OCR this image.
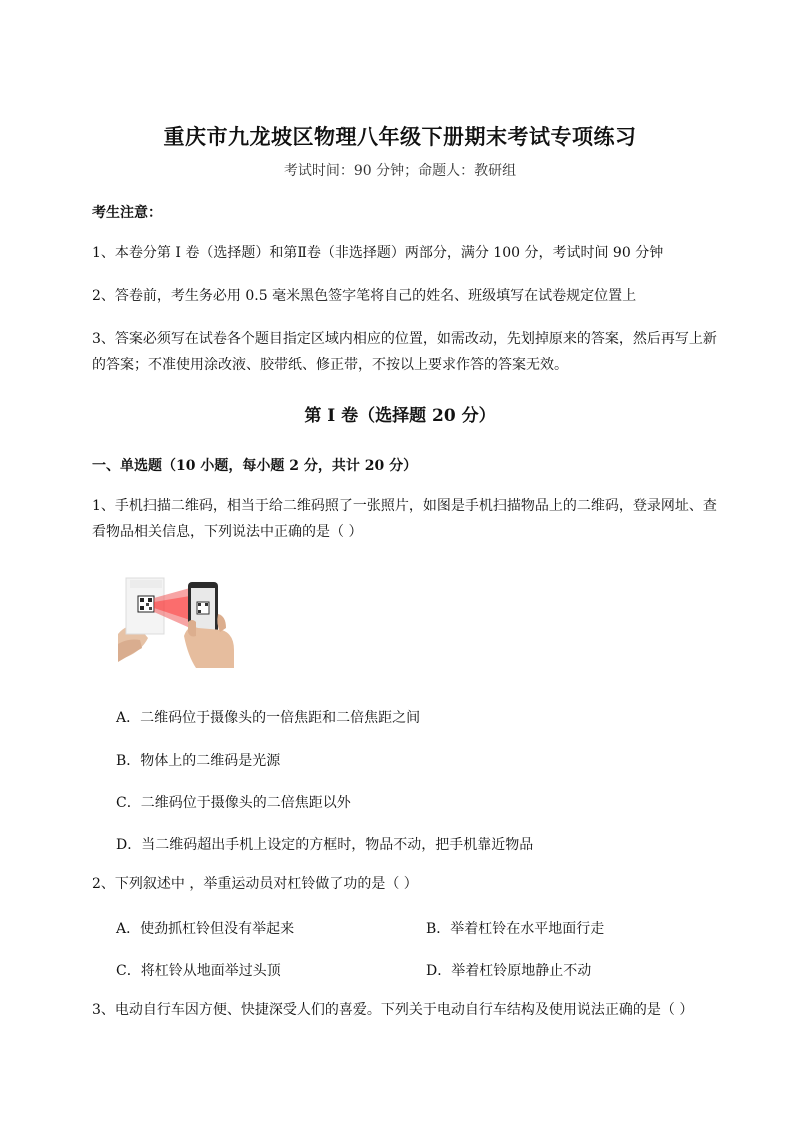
重庆市九龙坡区物理八年级下册期末考试专项练习
考试时间：90 分钟；命题人：教研组
考生注意：
1、本卷分第 I 卷（选择题）和第Ⅱ卷（非选择题）两部分，满分 100 分，考试时间 90 分钟
2、答卷前，考生务必用 0.5 毫米黑色签字笔将自己的姓名、班级填写在试卷规定位置上
3、答案必须写在试卷各个题目指定区域内相应的位置，如需改动，先划掉原来的答案，然后再写上新
的答案；不准使用涂改液、胶带纸、修正带，不按以上要求作答的答案无效。
第 I 卷（选择题 20 分）
一、单选题（10 小题，每小题 2 分，共计 20 分）
1、手机扫描二维码，相当于给二维码照了一张照片，如图是手机扫描物品上的二维码，登录网址、查
看物品相关信息，下列说法中正确的是（ ）
A．二维码位于摄像头的一倍焦距和二倍焦距之间
B．物体上的二维码是光源
C．二维码位于摄像头的二倍焦距以外
D．当二维码超出手机上设定的方框时，物品不动，把手机靠近物品
2、下列叙述中 ，举重运动员对杠铃做了功的是（ ）
A．使劲抓杠铃但没有举起来	B．举着杠铃在水平地面行走
C．将杠铃从地面举过头顶	D．举着杠铃原地静止不动
3、电动自行车因方便、快捷深受人们的喜爱。下列关于电动自行车结构及使用说法正确的是（ ）
